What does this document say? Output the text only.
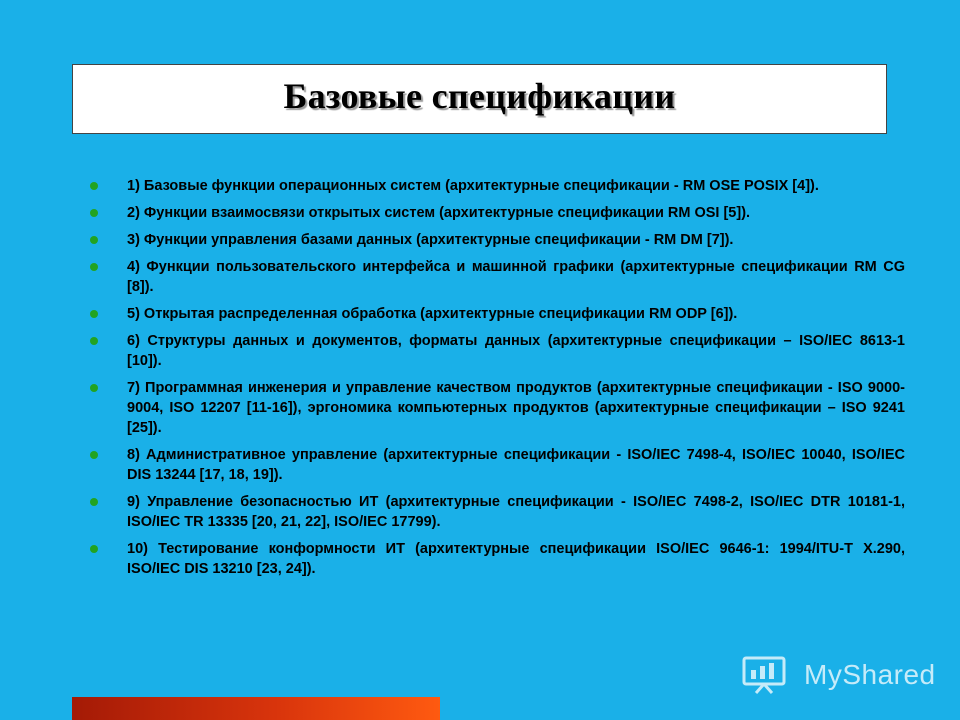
Базовые спецификации
1) Базовые функции операционных систем (архитектурные спецификации - RM OSE POSIX [4]).
2) Функции взаимосвязи открытых систем (архитектурные спецификации RM OSI [5]).
3) Функции управления базами данных (архитектурные спецификации - RM DM [7]).
4) Функции пользовательского интерфейса и машинной графики (архитектурные спецификации RM CG [8]).
5) Открытая распределенная обработка (архитектурные спецификации RM ODP [6]).
6) Структуры данных и документов, форматы данных (архитектурные спецификации – ISO/IEC 8613-1 [10]).
7) Программная инженерия и управление качеством продуктов (архитектурные спецификации - ISO 9000-9004, ISO 12207 [11-16]), эргономика компьютерных продуктов (архитектурные спецификации – ISO 9241 [25]).
8) Административное управление (архитектурные спецификации - ISO/IEC 7498-4, ISO/IEC 10040, ISO/IEC DIS 13244 [17, 18, 19]).
9) Управление безопасностью ИТ (архитектурные спецификации - ISO/IEC 7498-2, ISO/IEC DTR 10181-1, ISO/IEC TR 13335 [20, 21, 22], ISO/IEC 17799).
10) Тестирование конформности ИТ (архитектурные спецификации ISO/IEC 9646-1: 1994/ITU-T X.290, ISO/IEC DIS 13210 [23, 24]).
MyShared
